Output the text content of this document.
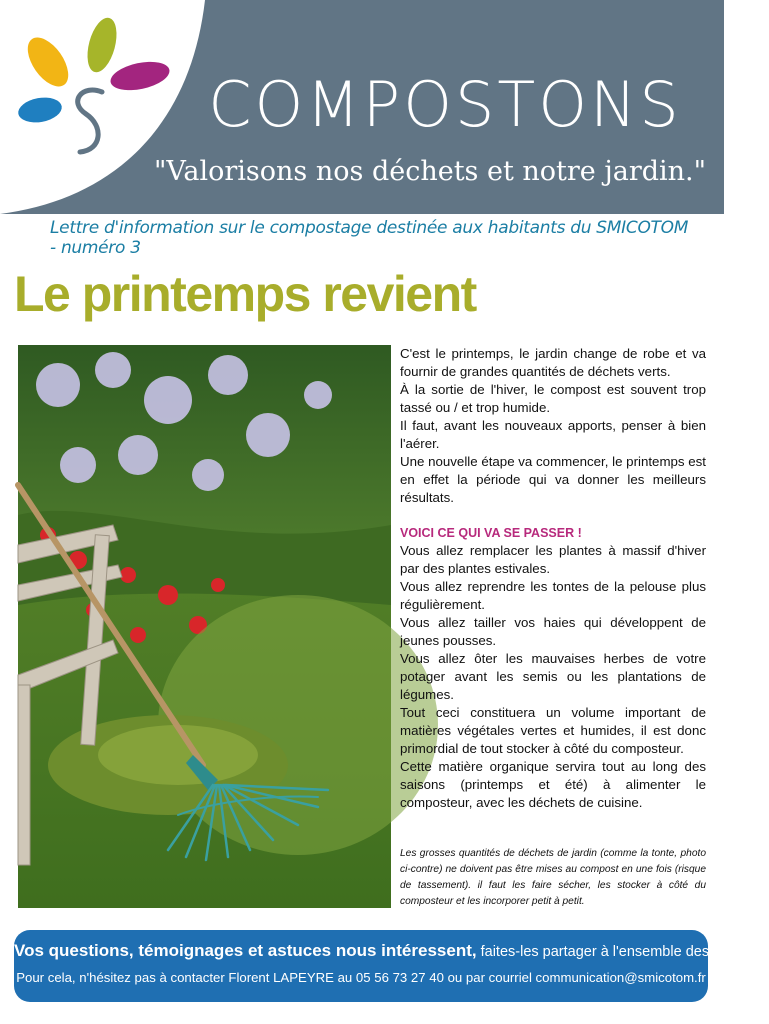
COMPOSTONS
"Valorisons nos déchets et notre jardin."
Lettre d'information sur le compostage destinée aux habitants du SMICOTOM - numéro 3
Le printemps revient

C'est le printemps, le jardin change de robe et va fournir de grandes quantités de déchets verts.

À la sortie de l'hiver, le compost est souvent trop tassé ou / et trop humide.

Il faut, avant les nouveaux apports, penser à bien l'aérer.

Une nouvelle étape va commencer, le printemps est en effet la période qui va donner les meilleurs résultats.

VOICI CE QUI VA SE PASSER !

Vous allez remplacer les plantes à massif d'hiver par des plantes estivales.

Vous allez reprendre les tontes de la pelouse plus régulièrement.

Vous allez tailler vos haies qui développent de jeunes pousses.

Vous allez ôter les mauvaises herbes de votre potager avant les semis ou les plantations de légumes.

Tout ceci constituera un volume important de matières végétales vertes et humides, il est donc primordial de tout stocker à côté du composteur.

Cette matière organique servira tout au long des saisons (printemps et été) à alimenter le composteur, avec les déchets de cuisine.

Les grosses quantités de déchets de jardin (comme la tonte, photo ci-contre) ne doivent pas être mises au compost en une fois (risque de tassement). il faut les faire sécher, les stocker à côté du composteur et les incorporer petit à petit.
Vos questions, témoignages et astuces nous intéressent, faites-les partager à l'ensemble des usagers.
Pour cela, n'hésitez pas à contacter Florent LAPEYRE au 05 56 73 27 40 ou par courriel communication@smicotom.fr
